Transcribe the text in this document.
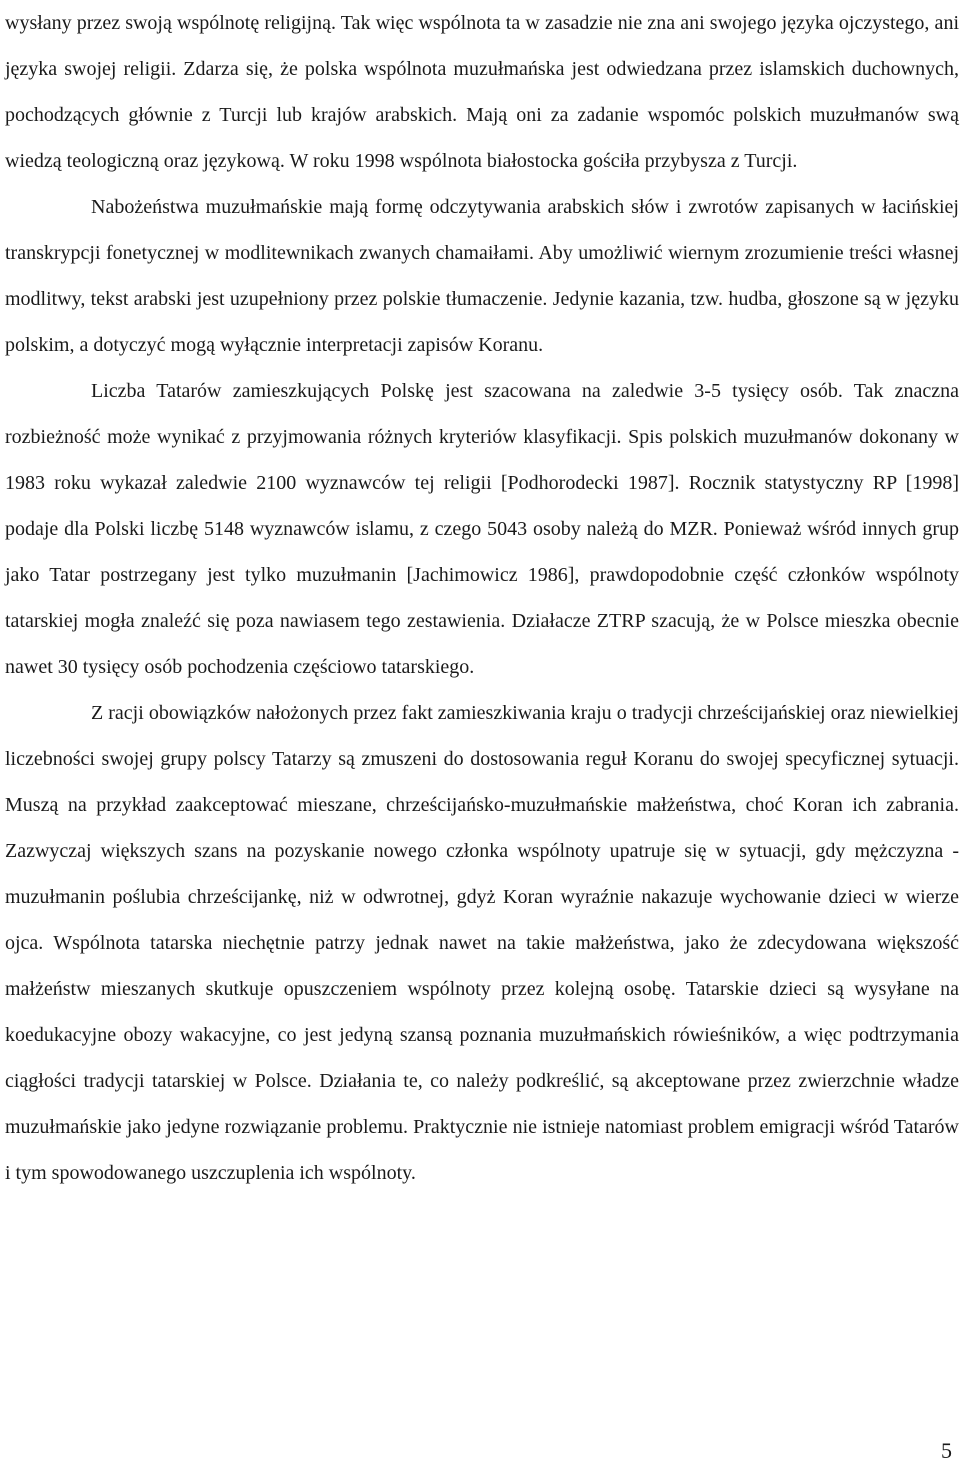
wysłany przez swoją wspólnotę religijną. Tak więc wspólnota ta w zasadzie nie zna ani swojego języka ojczystego, ani języka swojej religii. Zdarza się, że polska wspólnota muzułmańska jest odwiedzana przez islamskich duchownych, pochodzących głównie z Turcji lub krajów arabskich. Mają oni za zadanie wspomóc polskich muzułmanów swą wiedzą teologiczną oraz językową. W roku 1998 wspólnota białostocka gościła przybysza z Turcji.

Nabożeństwa muzułmańskie mają formę odczytywania arabskich słów i zwrotów zapisanych w łacińskiej transkrypcji fonetycznej w modlitewnikach zwanych chamaiłami. Aby umożliwić wiernym zrozumienie treści własnej modlitwy, tekst arabski jest uzupełniony przez polskie tłumaczenie. Jedynie kazania, tzw. hudba, głoszone są w języku polskim, a dotyczyć mogą wyłącznie interpretacji zapisów Koranu.

Liczba Tatarów zamieszkujących Polskę jest szacowana na zaledwie 3-5 tysięcy osób. Tak znaczna rozbieżność może wynikać z przyjmowania różnych kryteriów klasyfikacji. Spis polskich muzułmanów dokonany w 1983 roku wykazał zaledwie 2100 wyznawców tej religii [Podhorodecki 1987]. Rocznik statystyczny RP [1998] podaje dla Polski liczbę 5148 wyznawców islamu, z czego 5043 osoby należą do MZR. Ponieważ wśród innych grup jako Tatar postrzegany jest tylko muzułmanin [Jachimowicz 1986], prawdopodobnie część członków wspólnoty tatarskiej mogła znaleźć się poza nawiasem tego zestawienia. Działacze ZTRP szacują, że w Polsce mieszka obecnie nawet 30 tysięcy osób pochodzenia częściowo tatarskiego.

Z racji obowiązków nałożonych przez fakt zamieszkiwania kraju o tradycji chrześcijańskiej oraz niewielkiej liczebności swojej grupy polscy Tatarzy są zmuszeni do dostosowania reguł Koranu do swojej specyficznej sytuacji. Muszą na przykład zaakceptować mieszane, chrześcijańsko-muzułmańskie małżeństwa, choć Koran ich zabrania. Zazwyczaj większych szans na pozyskanie nowego członka wspólnoty upatruje się w sytuacji, gdy mężczyzna - muzułmanin poślubia chrześcijankę, niż w odwrotnej, gdyż Koran wyraźnie nakazuje wychowanie dzieci w wierze ojca. Wspólnota tatarska niechętnie patrzy jednak nawet na takie małżeństwa, jako że zdecydowana większość małżeństw mieszanych skutkuje opuszczeniem wspólnoty przez kolejną osobę. Tatarskie dzieci są wysyłane na koedukacyjne obozy wakacyjne, co jest jedyną szansą poznania muzułmańskich rówieśników, a więc podtrzymania ciągłości tradycji tatarskiej w Polsce. Działania te, co należy podkreślić, są akceptowane przez zwierzchnie władze muzułmańskie jako jedyne rozwiązanie problemu. Praktycznie nie istnieje natomiast problem emigracji wśród Tatarów i tym spowodowanego uszczuplenia ich wspólnoty.

5
